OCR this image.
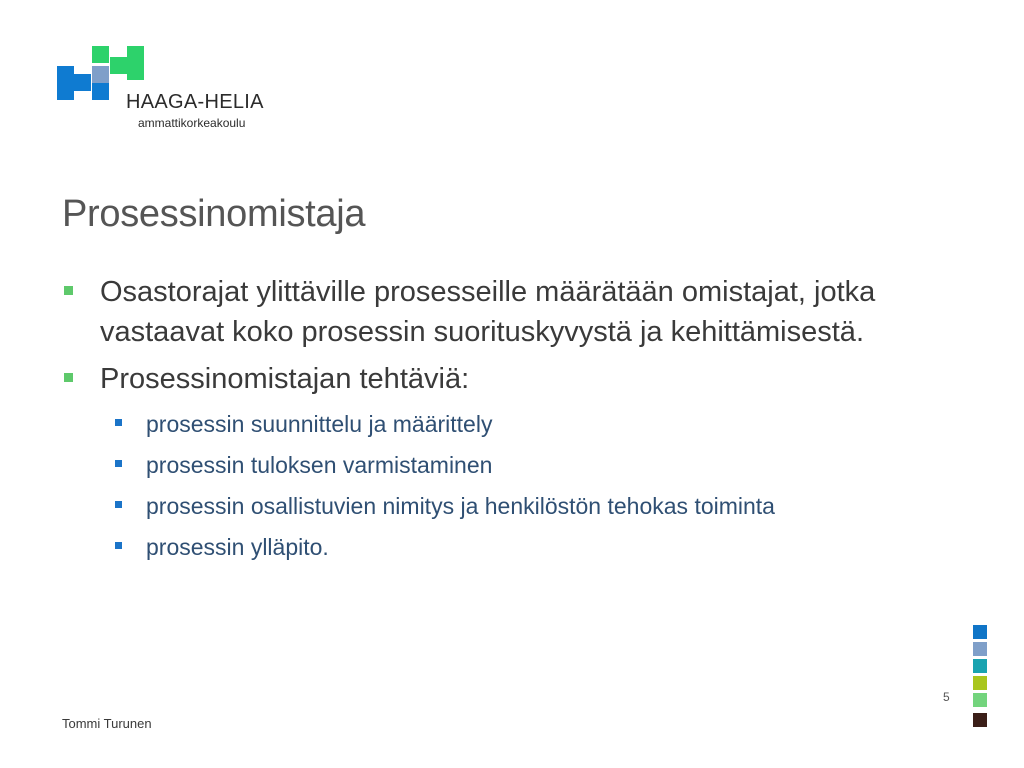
HAAGA-HELIA
ammattikorkeakoulu
Prosessinomistaja
Osastorajat ylittäville prosesseille määrätään omistajat, jotka vastaavat koko prosessin suorituskyvystä ja kehittämisestä.
Prosessinomistajan tehtäviä:
prosessin suunnittelu ja määrittely
prosessin tuloksen varmistaminen
prosessin osallistuvien nimitys ja henkilöstön tehokas toiminta
prosessin ylläpito.
5
Tommi Turunen
